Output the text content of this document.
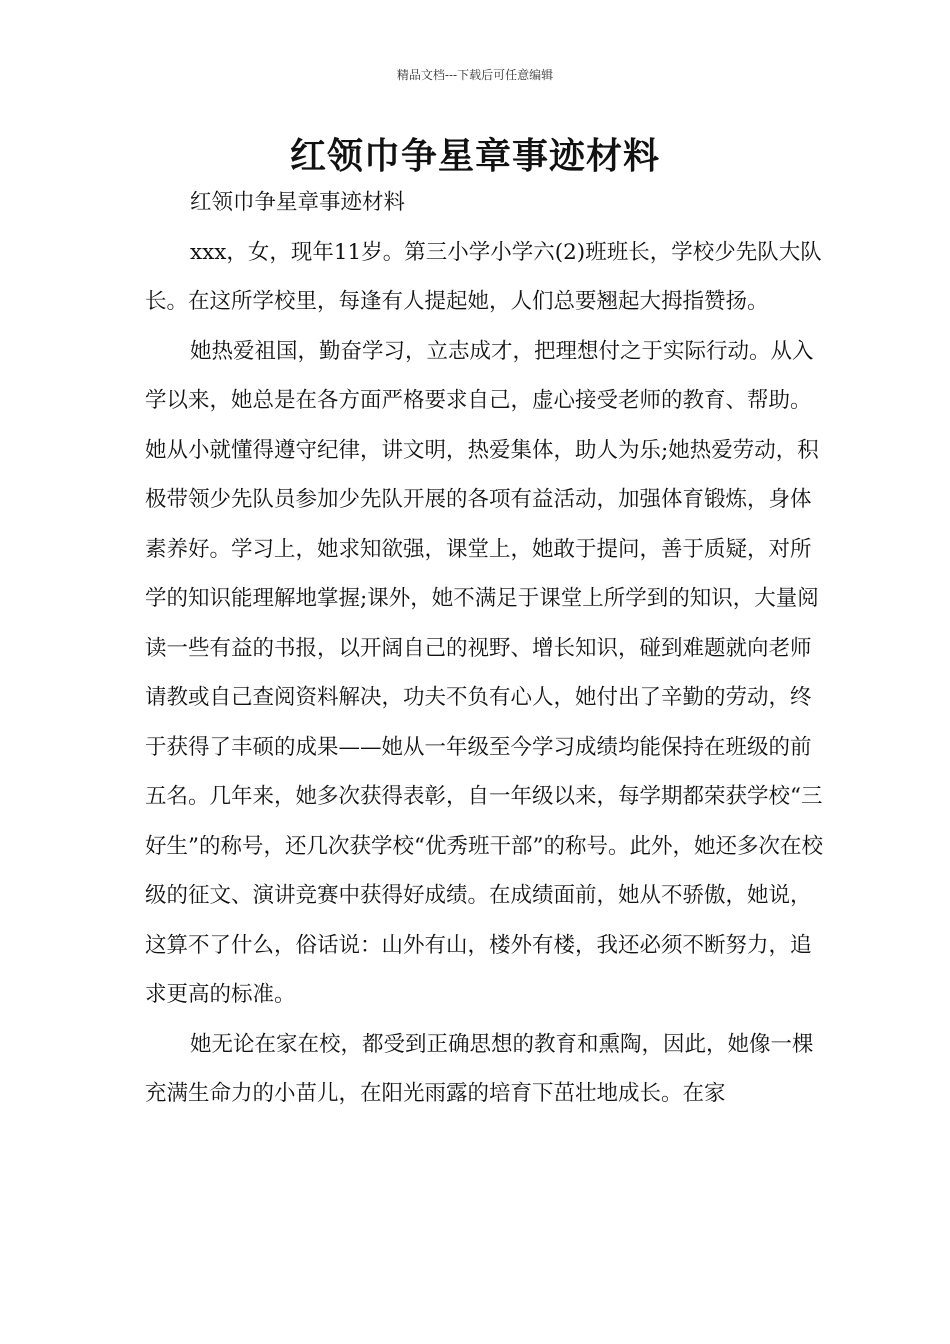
精品文档---下载后可任意编辑
红领巾争星章事迹材料

红领巾争星章事迹材料

xxx，女，现年11岁。第三小学小学六(2)班班长，学校少先队大队长。在这所学校里，每逢有人提起她，人们总要翘起大拇指赞扬。

她热爱祖国，勤奋学习，立志成才，把理想付之于实际行动。从入学以来，她总是在各方面严格要求自己，虚心接受老师的教育、帮助。她从小就懂得遵守纪律，讲文明，热爱集体，助人为乐;她热爱劳动，积极带领少先队员参加少先队开展的各项有益活动，加强体育锻炼，身体素养好。学习上，她求知欲强，课堂上，她敢于提问，善于质疑，对所学的知识能理解地掌握;课外，她不满足于课堂上所学到的知识，大量阅读一些有益的书报，以开阔自己的视野、增长知识，碰到难题就向老师请教或自己查阅资料解决，功夫不负有心人，她付出了辛勤的劳动，终于获得了丰硕的成果——她从一年级至今学习成绩均能保持在班级的前五名。几年来，她多次获得表彰，自一年级以来，每学期都荣获学校“三好生”的称号，还几次获学校“优秀班干部”的称号。此外，她还多次在校级的征文、演讲竞赛中获得好成绩。在成绩面前，她从不骄傲，她说，这算不了什么，俗话说：山外有山，楼外有楼，我还必须不断努力，追求更高的标准。

她无论在家在校，都受到正确思想的教育和熏陶，因此，她像一棵充满生命力的小苗儿，在阳光雨露的培育下茁壮地成长。在家
